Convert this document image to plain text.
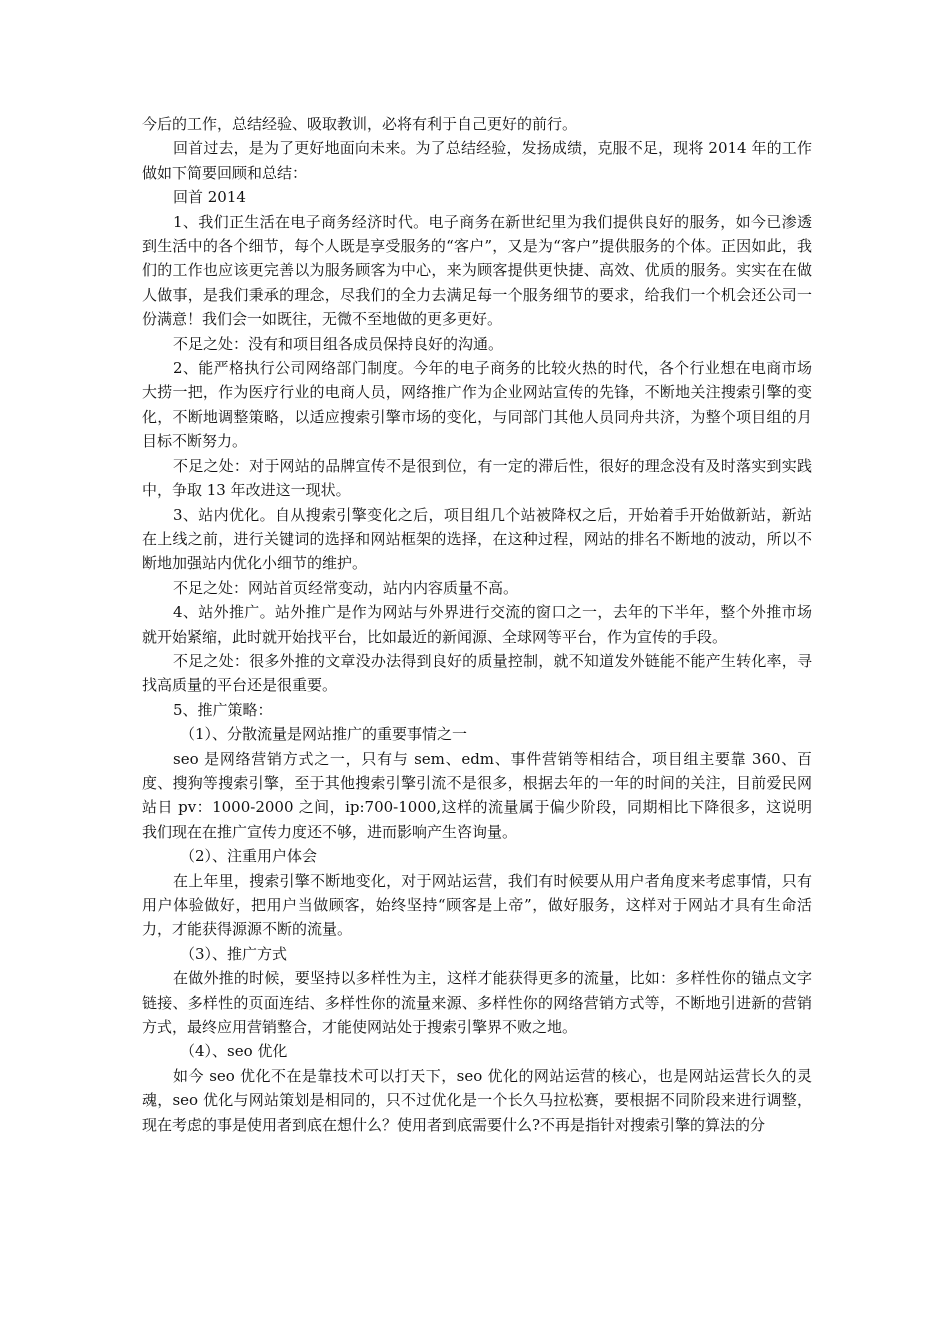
今后的工作，总结经验、吸取教训，必将有利于自己更好的前行。

回首过去，是为了更好地面向未来。为了总结经验，发扬成绩，克服不足，现将 2014 年的工作做如下简要回顾和总结：

回首 2014

1、我们正生活在电子商务经济时代。电子商务在新世纪里为我们提供良好的服务，如今已渗透到生活中的各个细节，每个人既是享受服务的“客户”，又是为“客户”提供服务的个体。正因如此，我们的工作也应该更完善以为服务顾客为中心，来为顾客提供更快捷、高效、优质的服务。实实在在做人做事，是我们秉承的理念，尽我们的全力去满足每一个服务细节的要求，给我们一个机会还公司一份满意！我们会一如既往，无微不至地做的更多更好。

不足之处：没有和项目组各成员保持良好的沟通。

2、能严格执行公司网络部门制度。今年的电子商务的比较火热的时代，各个行业想在电商市场大捞一把，作为医疗行业的电商人员，网络推广作为企业网站宣传的先锋，不断地关注搜索引擎的变化，不断地调整策略，以适应搜索引擎市场的变化，与同部门其他人员同舟共济，为整个项目组的月目标不断努力。

不足之处：对于网站的品牌宣传不是很到位，有一定的滞后性，很好的理念没有及时落实到实践中，争取 13 年改进这一现状。

3、站内优化。自从搜索引擎变化之后，项目组几个站被降权之后，开始着手开始做新站，新站在上线之前，进行关键词的选择和网站框架的选择，在这种过程，网站的排名不断地的波动，所以不断地加强站内优化小细节的维护。

不足之处：网站首页经常变动，站内内容质量不高。

4、站外推广。站外推广是作为网站与外界进行交流的窗口之一，去年的下半年，整个外推市场就开始紧缩，此时就开始找平台，比如最近的新闻源、全球网等平台，作为宣传的手段。

不足之处：很多外推的文章没办法得到良好的质量控制，就不知道发外链能不能产生转化率，寻找高质量的平台还是很重要。

5、推广策略：

（1）、分散流量是网站推广的重要事情之一

seo 是网络营销方式之一，只有与 sem、edm、事件营销等相结合，项目组主要靠 360、百度、搜狗等搜索引擎，至于其他搜索引擎引流不是很多，根据去年的一年的时间的关注，目前爱民网站日 pv：1000-2000 之间，ip:700-1000,这样的流量属于偏少阶段，同期相比下降很多，这说明我们现在在推广宣传力度还不够，进而影响产生咨询量。

（2）、注重用户体会

在上年里，搜索引擎不断地变化，对于网站运营，我们有时候要从用户者角度来考虑事情，只有用户体验做好，把用户当做顾客，始终坚持“顾客是上帝”，做好服务，这样对于网站才具有生命活力，才能获得源源不断的流量。

（3）、推广方式

在做外推的时候，要坚持以多样性为主，这样才能获得更多的流量，比如：多样性你的锚点文字链接、多样性的页面连结、多样性你的流量来源、多样性你的网络营销方式等，不断地引进新的营销方式，最终应用营销整合，才能使网站处于搜索引擎界不败之地。

（4）、seo 优化

如今 seo 优化不在是靠技术可以打天下，seo 优化的网站运营的核心，也是网站运营长久的灵魂，seo 优化与网站策划是相同的，只不过优化是一个长久马拉松赛，要根据不同阶段来进行调整，现在考虑的事是使用者到底在想什么？使用者到底需要什么?不再是指针对搜索引擎的算法的分
